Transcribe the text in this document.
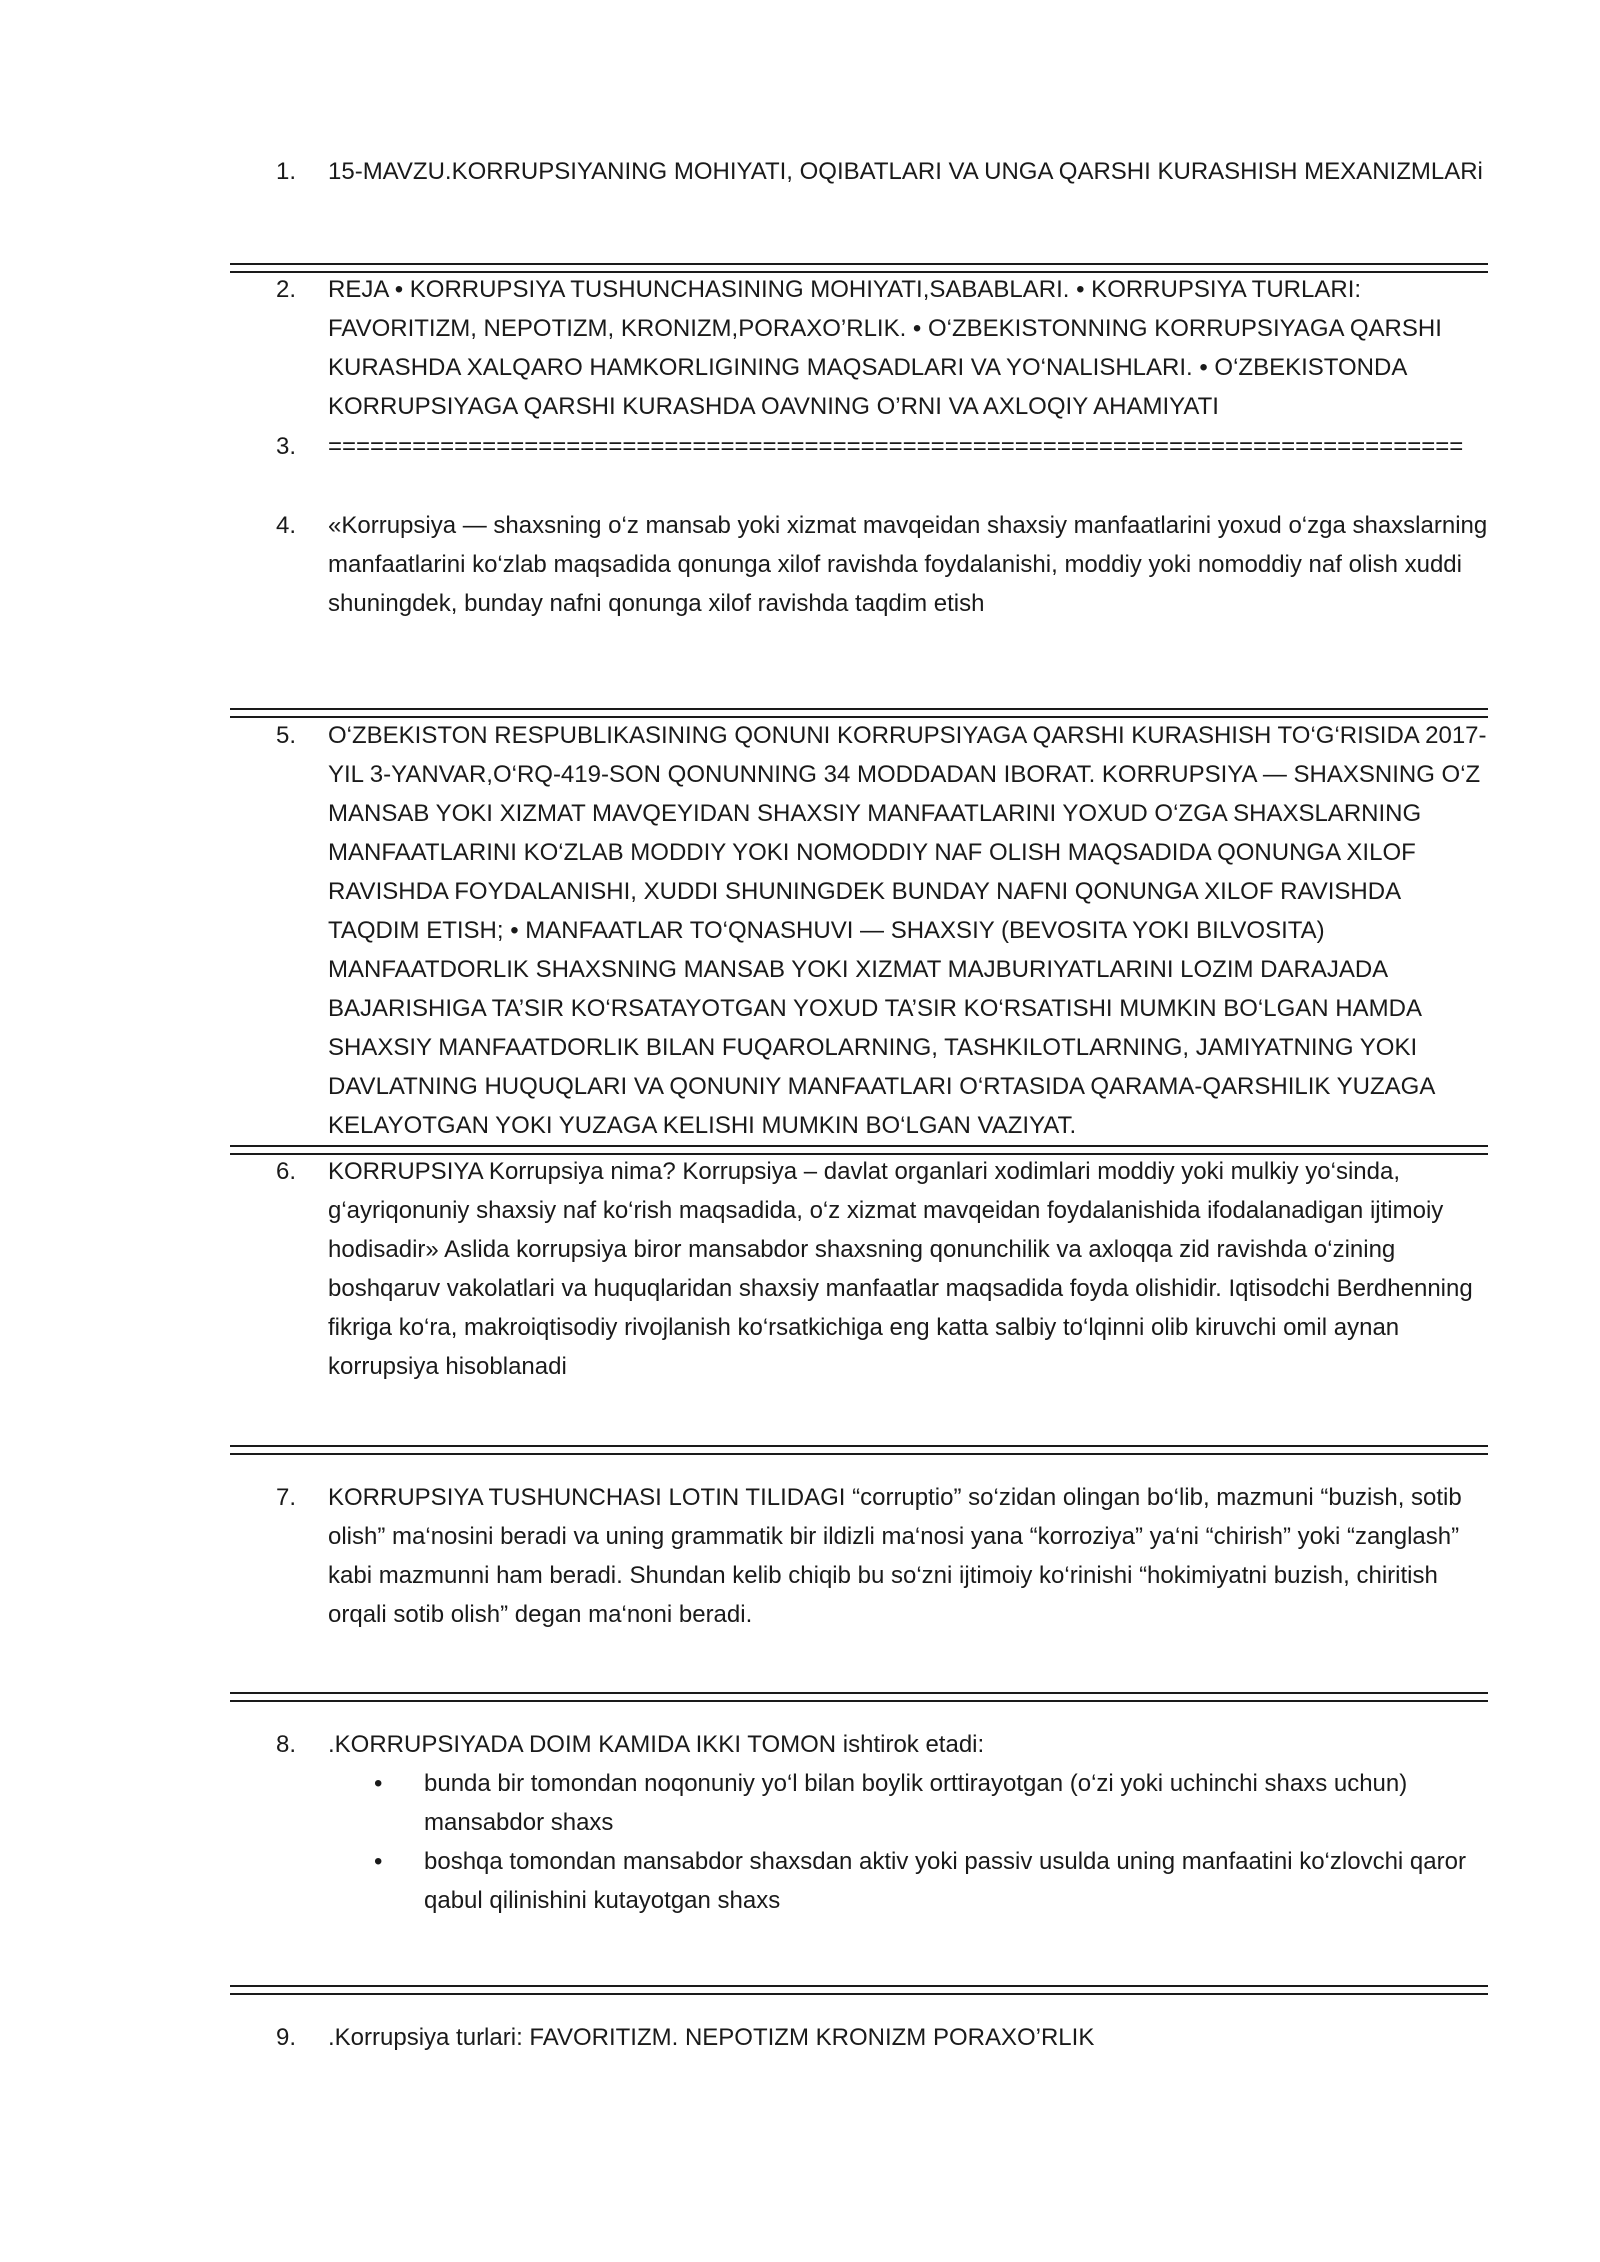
1.	15-MAVZU.KORRUPSIYANING MOHIYATI, OQIBATLARI VA UNGA QARSHI KURASHISH MEXANIZMLARi
2.	REJA • KORRUPSIYA TUSHUNCHASINING MOHIYATI,SABABLARI. • KORRUPSIYA TURLARI: FAVORITIZM, NEPOTIZM, KRONIZM,PORAXO’RLIK. • O‘ZBEKISTONNING KORRUPSIYAGA QARSHI KURASHDA XALQARO HAMKORLIGINING MAQSADLARI VA YO‘NALISHLARI. • O‘ZBEKISTONDA KORRUPSIYAGA QARSHI KURASHDA OAVNING O’RNI VA AXLOQIY AHAMIYATI
3.	=================================================================================
4.	«Korrupsiya — shaxsning o‘z mansab yoki xizmat mavqeidan shaxsiy manfaatlarini yoxud o‘zga shaxslarning manfaatlarini ko‘zlab maqsadida qonunga xilof ravishda foydalanishi, moddiy yoki nomoddiy naf olish xuddi shuningdek, bunday nafni qonunga xilof ravishda taqdim etish
5.	O‘ZBEKISTON RESPUBLIKASINING QONUNI KORRUPSIYAGA QARSHI KURASHISH TO‘G‘RISIDA 2017-YIL 3-YANVAR,O‘RQ-419-SON QONUNNING 34 MODDADAN IBORAT. KORRUPSIYA — SHAXSNING O‘Z MANSAB YOKI XIZMAT MAVQEYIDAN SHAXSIY MANFAATLARINI YOXUD O‘ZGA SHAXSLARNING MANFAATLARINI KO‘ZLAB MODDIY YOKI NOMODDIY NAF OLISH MAQSADIDA QONUNGA XILOF RAVISHDA FOYDALANISHI, XUDDI SHUNINGDEK BUNDAY NAFNI QONUNGA XILOF RAVISHDA TAQDIM ETISH; • MANFAATLAR TO‘QNASHUVI — SHAXSIY (BEVOSITA YOKI BILVOSITA) MANFAATDORLIK SHAXSNING MANSAB YOKI XIZMAT MAJBURIYATLARINI LOZIM DARAJADA BAJARISHIGA TA’SIR KO‘RSATAYOTGAN YOXUD TA’SIR KO‘RSATISHI MUMKIN BO‘LGAN HAMDA SHAXSIY MANFAATDORLIK BILAN FUQAROLARNING, TASHKILOTLARNING, JAMIYATNING YOKI DAVLATNING HUQUQLARI VA QONUNIY MANFAATLARI O‘RTASIDA QARAMA-QARSHILIK YUZAGA KELAYOTGAN YOKI YUZAGA KELISHI MUMKIN BO‘LGAN VAZIYAT.
6.	KORRUPSIYA Korrupsiya nima? Korrupsiya – davlat organlari xodimlari moddiy yoki mulkiy yo‘sinda, g‘ayriqonuniy shaxsiy naf ko‘rish maqsadida, o‘z xizmat mavqeidan foydalanishida ifodalanadigan ijtimoiy hodisadir» Aslida korrupsiya biror mansabdor shaxsning qonunchilik va axloqqa zid ravishda o‘zining boshqaruv vakolatlari va huquqlaridan shaxsiy manfaatlar maqsadida foyda olishidir. Iqtisodchi Berdhenning fikriga ko‘ra, makroiqtisodiy rivojlanish ko‘rsatkichiga eng katta salbiy to‘lqinni olib kiruvchi omil aynan korrupsiya hisoblanadi
7.	KORRUPSIYA TUSHUNCHASI LOTIN TILIDAGI “corruptio” so‘zidan olingan bo‘lib, mazmuni “buzish, sotib olish” ma‘nosini beradi va uning grammatik bir ildizli ma‘nosi yana “korroziya” ya‘ni “chirish” yoki “zanglash” kabi mazmunni ham beradi. Shundan kelib chiqib bu so‘zni ijtimoiy ko‘rinishi “hokimiyatni buzish, chiritish orqali sotib olish” degan ma‘noni beradi.
8.	.KORRUPSIYADA DOIM KAMIDA IKKI TOMON ishtirok etadi:
• bunda bir tomondan noqonuniy yo‘l bilan boylik orttirayotgan (o‘zi yoki uchinchi shaxs uchun) mansabdor shaxs
• boshqa tomondan mansabdor shaxsdan aktiv yoki passiv usulda uning manfaatini ko‘zlovchi qaror qabul qilinishini kutayotgan shaxs
9.	.Korrupsiya turlari: FAVORITIZM. NEPOTIZM KRONIZM PORAXO’RLIK
